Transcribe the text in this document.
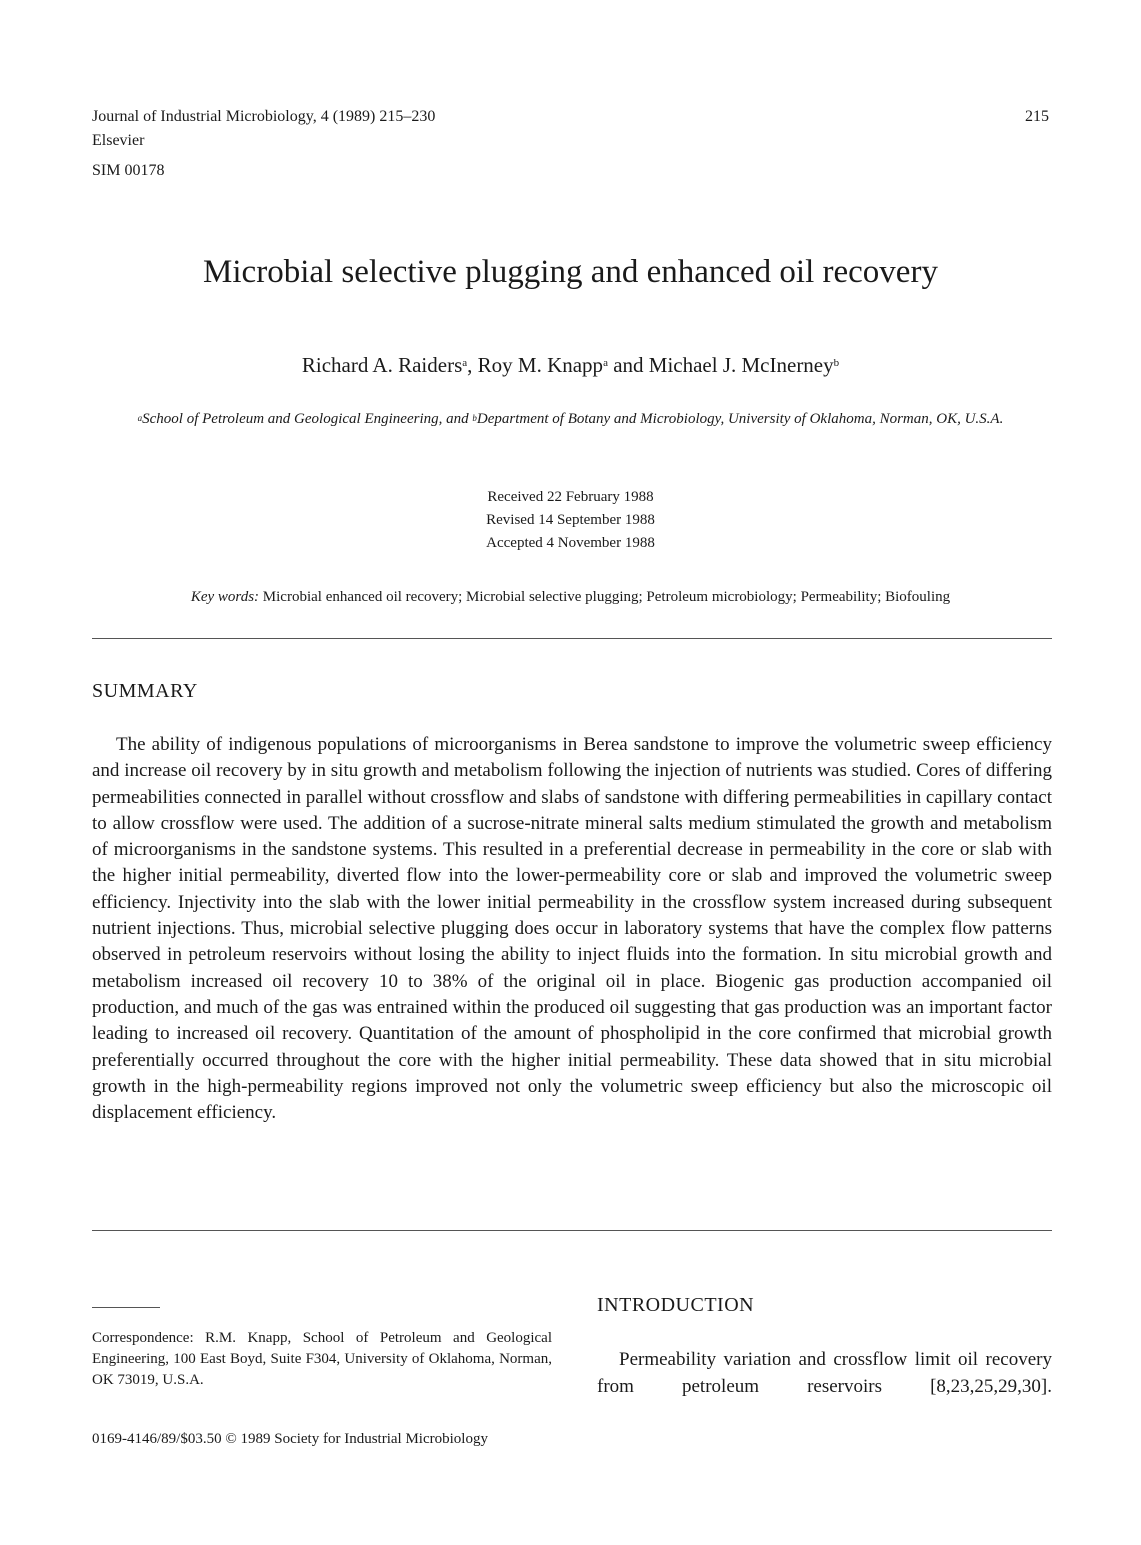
Journal of Industrial Microbiology, 4 (1989) 215–230
Elsevier
SIM 00178
215
Microbial selective plugging and enhanced oil recovery
Richard A. Raiders$^a$, Roy M. Knapp$^a$ and Michael J. McInerney$^b$
$^a$School of Petroleum and Geological Engineering, and $^b$Department of Botany and Microbiology, University of Oklahoma, Norman, OK, U.S.A.
Received 22 February 1988
Revised 14 September 1988
Accepted 4 November 1988
Key words: Microbial enhanced oil recovery; Microbial selective plugging; Petroleum microbiology; Permeability; Biofouling
SUMMARY

The ability of indigenous populations of microorganisms in Berea sandstone to improve the volumetric sweep efficiency and increase oil recovery by in situ growth and metabolism following the injection of nutrients was studied. Cores of differing permeabilities connected in parallel without crossflow and slabs of sandstone with differing permeabilities in capillary contact to allow crossflow were used. The addition of a sucrose-nitrate mineral salts medium stimulated the growth and metabolism of microorganisms in the sandstone systems. This resulted in a preferential decrease in permeability in the core or slab with the higher initial permeability, diverted flow into the lower-permeability core or slab and improved the volumetric sweep efficiency. Injectivity into the slab with the lower initial permeability in the crossflow system increased during subsequent nutrient injections. Thus, microbial selective plugging does occur in laboratory systems that have the complex flow patterns observed in petroleum reservoirs without losing the ability to inject fluids into the formation. In situ microbial growth and metabolism increased oil recovery 10 to 38% of the original oil in place. Biogenic gas production accompanied oil production, and much of the gas was entrained within the produced oil suggesting that gas production was an important factor leading to increased oil recovery. Quantitation of the amount of phospholipid in the core confirmed that microbial growth preferentially occurred throughout the core with the higher initial permeability. These data showed that in situ microbial growth in the high-permeability regions improved not only the volumetric sweep efficiency but also the microscopic oil displacement efficiency.

Correspondence: R.M. Knapp, School of Petroleum and Geological Engineering, 100 East Boyd, Suite F304, University of Oklahoma, Norman, OK 73019, U.S.A.
0169-4146/89/$03.50 © 1989 Society for Industrial Microbiology
INTRODUCTION

Permeability variation and crossflow limit oil recovery from petroleum reservoirs [8,23,25,29,30].
